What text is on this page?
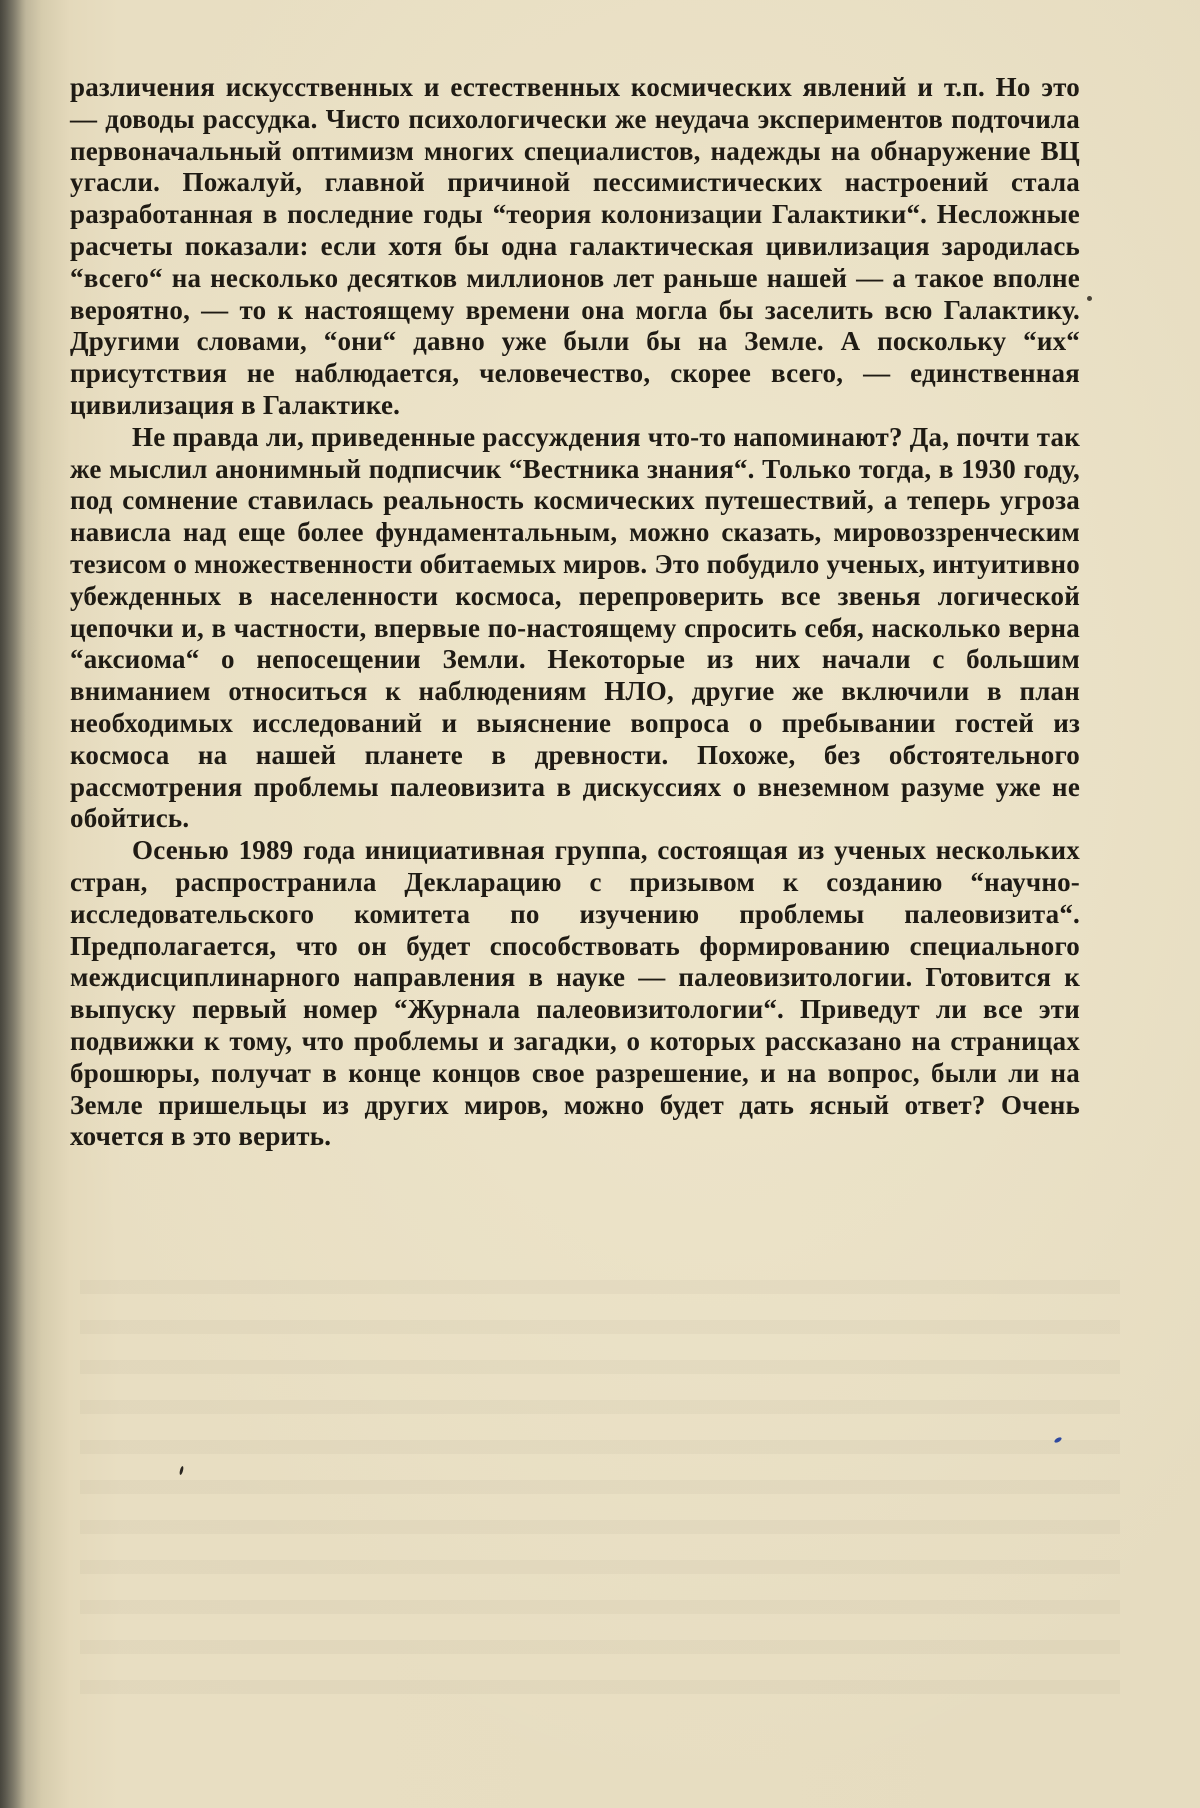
различения искусственных и естественных космических явлений и т.п. Но это — доводы рассудка. Чисто психологически же неудача экспериментов подточила первоначальный оптимизм многих специалистов, надежды на обнаружение ВЦ угасли. Пожалуй, главной причиной пессимистических настроений стала разработанная в последние годы “теория колонизации Галактики“. Несложные расчеты показали: если хотя бы одна галактическая цивилизация зародилась “всего“ на несколько десятков миллионов лет раньше нашей — а такое вполне вероятно, — то к настоящему времени она могла бы заселить всю Галактику. Другими словами, “они“ давно уже были бы на Земле. А поскольку “их“ присутствия не наблюдается, человечество, скорее всего, — единственная цивилизация в Галактике.

Не правда ли, приведенные рассуждения что-то напоминают? Да, почти так же мыслил анонимный подписчик “Вестника знания“. Только тогда, в 1930 году, под сомнение ставилась реальность космических путешествий, а теперь угроза нависла над еще более фундаментальным, можно сказать, мировоззренческим тезисом о множественности обитаемых миров. Это побудило ученых, интуитивно убежденных в населенности космоса, перепроверить все звенья логической цепочки и, в частности, впервые по-настоящему спросить себя, насколько верна “аксиома“ о непосещении Земли. Некоторые из них начали с большим вниманием относиться к наблюдениям НЛО, другие же включили в план необходимых исследований и выяснение вопроса о пребывании гостей из космоса на нашей планете в древности. Похоже, без обстоятельного рассмотрения проблемы палеовизита в дискуссиях о внеземном разуме уже не обойтись.

Осенью 1989 года инициативная группа, состоящая из ученых нескольких стран, распространила Декларацию с призывом к созданию “научно-исследовательского комитета по изучению проблемы палеовизита“. Предполагается, что он будет способствовать формированию специального междисциплинарного направления в науке — палеовизитологии. Готовится к выпуску первый номер “Журнала палеовизитологии“. Приведут ли все эти подвижки к тому, что проблемы и загадки, о которых рассказано на страницах брошюры, получат в конце концов свое разрешение, и на вопрос, были ли на Земле пришельцы из других миров, можно будет дать ясный ответ? Очень хочется в это верить.
